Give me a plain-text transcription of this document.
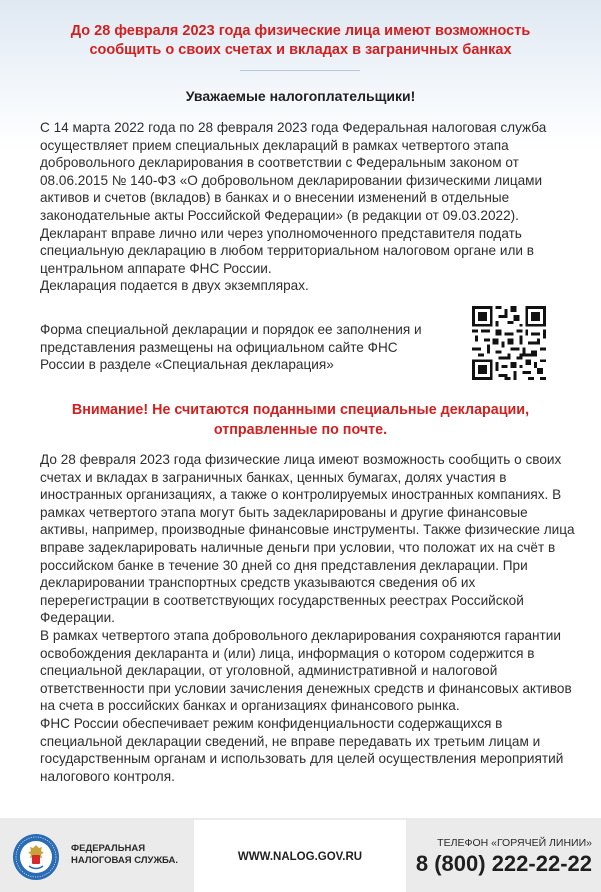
До 28 февраля 2023 года физические лица имеют возможность
сообщить о своих счетах и вкладах в заграничных банках
Уважаемые налогоплательщики!

С 14 марта 2022 года по 28 февраля 2023 года Федеральная налоговая служба осуществляет прием специальных деклараций в рамках четвертого этапа добровольного декларирования в соответствии с Федеральным законом от 08.06.2015 № 140-ФЗ «О добровольном декларировании физическими лицами активов и счетов (вкладов) в банках и о внесении изменений в отдельные законодательные акты Российской Федерации» (в редакции от 09.03.2022).

Декларант вправе лично или через уполномоченного представителя подать специальную декларацию в любом территориальном налоговом органе или в центральном аппарате ФНС России.

Декларация подается в двух экземплярах.

Форма специальной декларации и порядок ее заполнения и представления размещены на официальном сайте ФНС России в разделе «Специальная декларация»
Внимание! Не считаются поданными специальные декларации,
отправленные по почте.

До 28 февраля 2023 года физические лица имеют возможность сообщить о своих счетах и вкладах в заграничных банках, ценных бумагах, долях участия в иностранных организациях, а также о контролируемых иностранных компаниях. В рамках четвертого этапа могут быть задекларированы и другие финансовые активы, например, производные финансовые инструменты. Также физические лица вправе задекларировать наличные деньги при условии, что положат их на счёт в российском банке в течение 30 дней со дня представления декларации. При декларировании транспортных средств указываются сведения об их перерегистрации в соответствующих государственных реестрах Российской Федерации.

В рамках четвертого этапа добровольного декларирования сохраняются гарантии освобождения декларанта и (или) лица, информация о котором содержится в специальной декларации, от уголовной, административной и налоговой ответственности при условии зачисления денежных средств и финансовых активов на счета в российских банках и организациях финансового рынка.

ФНС России обеспечивает режим конфиденциальности содержащихся в специальной декларации сведений, не вправе передавать их третьим лицам и государственным органам и использовать для целей осуществления мероприятий налогового контроля.

ФЕДЕРАЛЬНАЯ
НАЛОГОВАЯ СЛУЖБА.	WWW.NALOG.GOV.RU
ТЕЛЕФОН «ГОРЯЧЕЙ ЛИНИИ»
8 (800) 222-22-22
